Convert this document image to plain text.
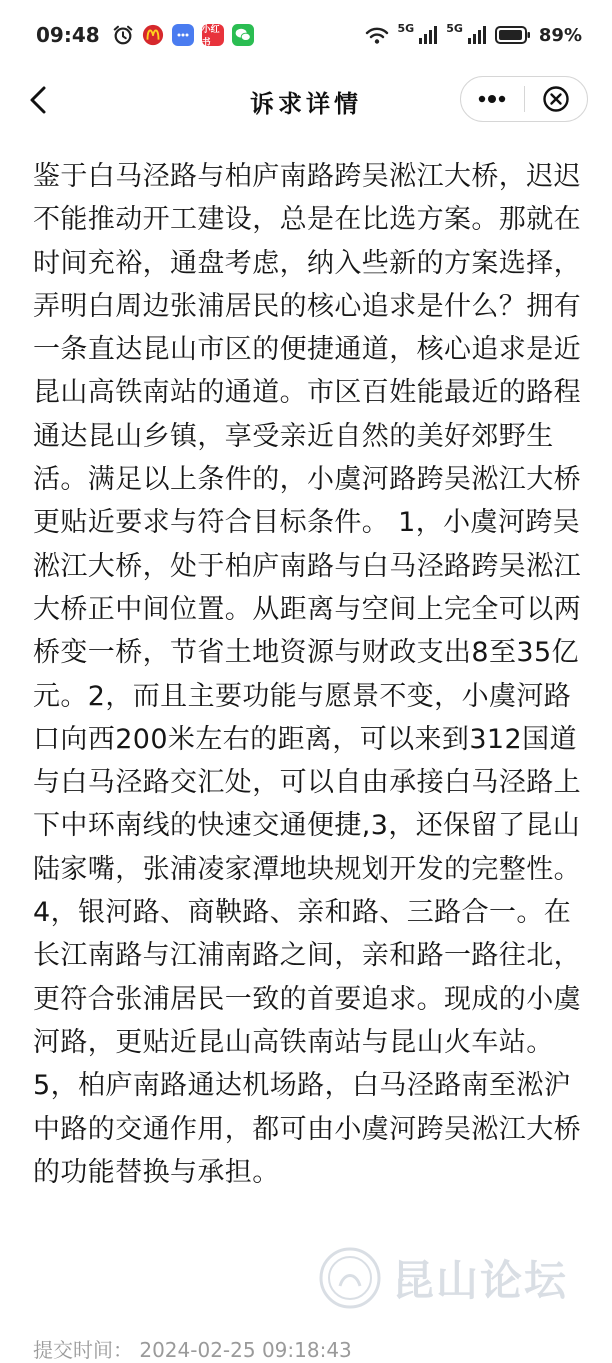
09:48	小红书
5G	5G	89%
诉求详情
鉴于白马泾路与柏庐南路跨吴淞江大桥，迟迟不能推动开工建设，总是在比选方案。那就在时间充裕，通盘考虑，纳入些新的方案选择，弄明白周边张浦居民的核心追求是什么？拥有一条直达昆山市区的便捷通道，核心追求是近昆山高铁南站的通道。市区百姓能最近的路程通达昆山乡镇，享受亲近自然的美好郊野生活。满足以上条件的，小虞河路跨吴淞江大桥更贴近要求与符合目标条件。 1，小虞河跨吴淞江大桥，处于柏庐南路与白马泾路跨吴淞江大桥正中间位置。从距离与空间上完全可以两桥变一桥，节省土地资源与财政支出8至35亿元。2，而且主要功能与愿景不变，小虞河路口向西200米左右的距离，可以来到312国道与白马泾路交汇处，可以自由承接白马泾路上下中环南线的快速交通便捷,3，还保留了昆山陆家嘴，张浦凌家潭地块规划开发的完整性。4，银河路、商鞅路、亲和路、三路合一。在长江南路与江浦南路之间，亲和路一路往北，更符合张浦居民一致的首要追求。现成的小虞河路，更贴近昆山高铁南站与昆山火车站。5，柏庐南路通达机场路，白马泾路南至淞沪中路的交通作用，都可由小虞河跨吴淞江大桥的功能替换与承担。
昆山论坛
提交时间： 2024-02-25 09:18:43
